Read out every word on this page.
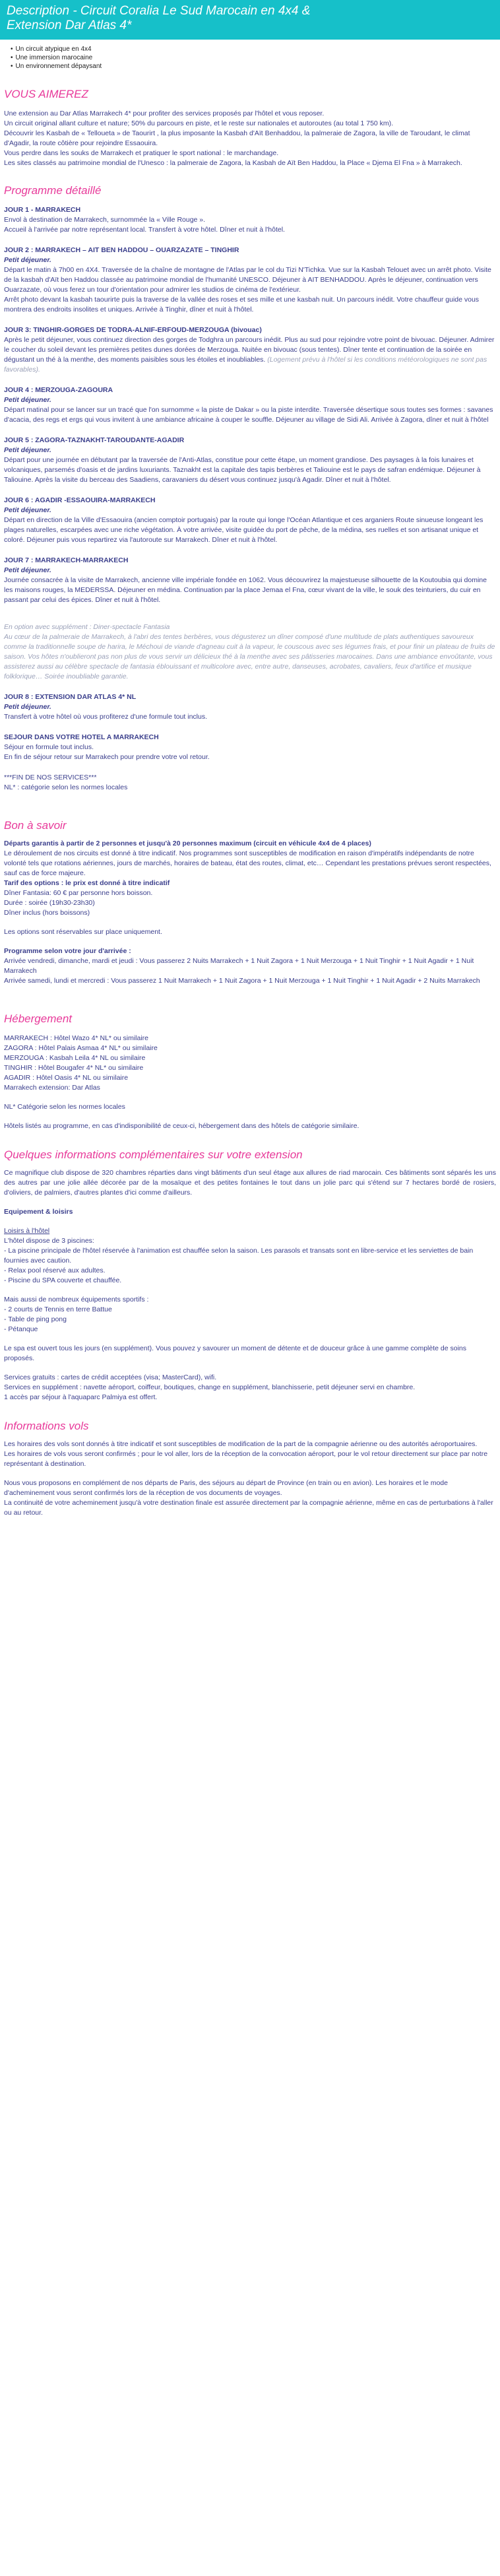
Description - Circuit Coralia Le Sud Marocain en 4x4 & Extension Dar Atlas 4*
• Un circuit atypique en 4x4
• Une immersion marocaine
• Un environnement dépaysant
VOUS AIMEREZ

Une extension au Dar Atlas Marrakech 4* pour profiter des services proposés par l'hôtel et vous reposer.

Un circuit original allant culture et nature; 50% du parcours en piste, et le reste sur nationales et autoroutes (au total 1 750 km).

Découvrir les Kasbah de « Telloueta » de Taourirt , la plus imposante la Kasbah d'Aït Benhaddou, la palmeraie de Zagora, la ville de Taroudant, le climat d'Agadir, la route côtière pour rejoindre Essaouira.

Vous perdre dans les souks de Marrakech et pratiquer le sport national : le marchandage.

Les sites classés au patrimoine mondial de l'Unesco : la palmeraie de Zagora, la Kasbah de Aït Ben Haddou, la Place « Djema El Fna » à Marrakech.

Programme détaillé

JOUR 1 - MARRAKECH

Envol à destination de Marrakech, surnommée la « Ville Rouge ».

Accueil à l'arrivée par notre représentant local. Transfert à votre hôtel. Dîner et nuit à l'hôtel.

JOUR 2 : MARRAKECH – AIT BEN HADDOU – OUARZAZATE – TINGHIR

Petit déjeuner.

Départ le matin à 7h00 en 4X4. Traversée de la chaîne de montagne de l'Atlas par le col du Tizi N'Tichka. Vue sur la Kasbah Telouet avec un arrêt photo. Visite de la kasbah d'Aït ben Haddou classée au patrimoine mondial de l'humanité UNESCO. Déjeuner à AIT BENHADDOU. Après le déjeuner, continuation vers Ouarzazate, où vous ferez un tour d'orientation pour admirer les studios de cinéma de l'extérieur.

Arrêt photo devant la kasbah taourirte puis la traverse de la vallée des roses et ses mille et une kasbah nuit. Un parcours inédit. Votre chauffeur guide vous montrera des endroits insolites et uniques. Arrivée à Tinghir, dîner et nuit à l'hôtel.

JOUR 3: TINGHIR-GORGES DE TODRA-ALNIF-ERFOUD-MERZOUGA (bivouac)

Après le petit déjeuner, vous continuez direction des gorges de Todghra un parcours inédit. Plus au sud pour rejoindre votre point de bivouac. Déjeuner. Admirer le coucher du soleil devant les premières petites dunes dorées de Merzouga. Nuitée en bivouac (sous tentes). Dîner tente et continuation de la soirée en dégustant un thé à la menthe, des moments paisibles sous les étoiles et inoubliables. (Logement prévu à l'hôtel si les conditions météorologiques ne sont pas favorables).

JOUR 4 : MERZOUGA-ZAGOURA

Petit déjeuner.

Départ matinal pour se lancer sur un tracé que l'on surnomme « la piste de Dakar » ou la piste interdite. Traversée désertique sous toutes ses formes : savanes d'acacia, des regs et ergs qui vous invitent à une ambiance africaine à couper le souffle. Déjeuner au village de Sidi Ali. Arrivée à Zagora, dîner et nuit à l'hôtel

JOUR 5 : ZAGORA-TAZNAKHT-TAROUDANTE-AGADIR

Petit déjeuner.

Départ pour une journée en débutant par la traversée de l'Anti-Atlas, constitue pour cette étape, un moment grandiose. Des paysages à la fois lunaires et volcaniques, parsemés d'oasis et de jardins luxuriants. Taznakht est la capitale des tapis berbères et Taliouine est le pays de safran endémique. Déjeuner à Taliouine. Après la visite du berceau des Saadiens, caravaniers du désert vous continuez jusqu'à Agadir. Dîner et nuit à l'hôtel.

JOUR 6 : AGADIR -ESSAOUIRA-MARRAKECH

Petit déjeuner.

Départ en direction de la Ville d'Essaouira (ancien comptoir portugais) par la route qui longe l'Océan Atlantique et ces arganiers Route sinueuse longeant les plages naturelles, escarpées avec une riche végétation. À votre arrivée, visite guidée du port de pêche, de la médina, ses ruelles et son artisanat unique et coloré. Déjeuner puis vous repartirez via l'autoroute sur Marrakech. Dîner et nuit à l'hôtel.

JOUR 7 : MARRAKECH-MARRAKECH

Petit déjeuner.

Journée consacrée à la visite de Marrakech, ancienne ville impériale fondée en 1062. Vous découvrirez la majestueuse silhouette de la Koutoubia qui domine les maisons rouges, la MEDERSSA. Déjeuner en médina. Continuation par la place Jemaa el Fna, cœur vivant de la ville, le souk des teinturiers, du cuir en passant par celui des épices. Dîner et nuit à l'hôtel.

En option avec supplément : Diner-spectacle Fantasia

Au cœur de la palmeraie de Marrakech, à l'abri des tentes berbères, vous dégusterez un dîner composé d'une multitude de plats authentiques savoureux comme la traditionnelle soupe de harira, le Méchoui de viande d'agneau cuit à la vapeur, le couscous avec ses légumes frais, et pour finir un plateau de fruits de saison. Vos hôtes n'oublieront pas non plus de vous servir un délicieux thé à la menthe avec ses pâtisseries marocaines. Dans une ambiance envoûtante, vous assisterez aussi au célèbre spectacle de fantasia éblouissant et multicolore avec, entre autre, danseuses, acrobates, cavaliers, feux d'artifice et musique folklorique… Soirée inoubliable garantie.

JOUR 8 : EXTENSION DAR ATLAS 4* NL

Petit déjeuner.

Transfert à votre hôtel où vous profiterez d'une formule tout inclus.

SEJOUR DANS VOTRE HOTEL A MARRAKECH

Séjour en formule tout inclus.

En fin de séjour retour sur Marrakech pour prendre votre vol retour.

***FIN DE NOS SERVICES***

NL* : catégorie selon les normes locales

Bon à savoir

Départs garantis à partir de 2 personnes et jusqu'à 20 personnes maximum (circuit en véhicule 4x4 de 4 places)

Le déroulement de nos circuits est donné à titre indicatif. Nos programmes sont susceptibles de modification en raison d'impératifs indépendants de notre volonté tels que rotations aériennes, jours de marchés, horaires de bateau, état des routes, climat, etc… Cependant les prestations prévues seront respectées, sauf cas de force majeure.

Tarif des options : le prix est donné à titre indicatif

Dîner Fantasia: 60 € par personne hors boisson.

Durée : soirée (19h30-23h30)

Dîner inclus (hors boissons)

Les options sont réservables sur place uniquement.

Programme selon votre jour d'arrivée :

Arrivée vendredi, dimanche, mardi et jeudi : Vous passerez 2 Nuits Marrakech + 1 Nuit Zagora + 1 Nuit Merzouga + 1 Nuit Tinghir + 1 Nuit Agadir + 1 Nuit Marrakech

Arrivée samedi, lundi et mercredi : Vous passerez 1 Nuit Marrakech + 1 Nuit Zagora + 1 Nuit Merzouga + 1 Nuit Tinghir + 1 Nuit Agadir + 2 Nuits Marrakech

Hébergement

MARRAKECH : Hôtel Wazo 4* NL* ou similaire

ZAGORA : Hôtel Palais Asmaa 4* NL* ou similaire

MERZOUGA : Kasbah Leila 4* NL ou similaire

TINGHIR : Hôtel Bougafer 4* NL* ou similaire

AGADIR : Hôtel Oasis 4* NL ou similaire

Marrakech extension: Dar Atlas

NL* Catégorie selon les normes locales

Hôtels listés au programme, en cas d'indisponibilité de ceux-ci, hébergement dans des hôtels de catégorie similaire.

Quelques informations complémentaires sur votre extension

Ce magnifique club dispose de 320 chambres réparties dans vingt bâtiments d'un seul étage aux allures de riad marocain. Ces bâtiments sont séparés les uns des autres par une jolie allée décorée par de la mosaïque et des petites fontaines le tout dans un jolie parc qui s'étend sur 7 hectares bordé de rosiers, d'oliviers, de palmiers, d'autres plantes d'ici comme d'ailleurs.

Equipement & loisirs

Loisirs à l'hôtel

L'hôtel dispose de 3 piscines:

- La piscine principale de l'hôtel réservée à l'animation est chauffée selon la saison. Les parasols et transats sont en libre-service et les serviettes de bain fournies avec caution.

- Relax pool réservé aux adultes.

- Piscine du SPA couverte et chauffée.

Mais aussi de nombreux équipements sportifs :

- 2 courts de Tennis en terre Battue

- Table de ping pong

- Pétanque

Le spa est ouvert tous les jours (en supplément). Vous pouvez y savourer un moment de détente et de douceur grâce à une gamme complète de soins proposés.

Services gratuits : cartes de crédit acceptées (visa; MasterCard), wifi.

Services en supplément : navette aéroport, coiffeur, boutiques, change en supplément, blanchisserie, petit déjeuner servi en chambre.

1 accès par séjour à l'aquaparc Palmiya est offert.

Informations vols

Les horaires des vols sont donnés à titre indicatif et sont susceptibles de modification de la part de la compagnie aérienne ou des autorités aéroportuaires.

Les horaires de vols vous seront confirmés ; pour le vol aller, lors de la réception de la convocation aéroport, pour le vol retour directement sur place par notre représentant à destination.

Nous vous proposons en complément de nos départs de Paris, des séjours au départ de Province (en train ou en avion). Les horaires et le mode d'acheminement vous seront confirmés lors de la réception de vos documents de voyages.

La continuité de votre acheminement jusqu'à votre destination finale est assurée directement par la compagnie aérienne, même en cas de perturbations à l'aller ou au retour.
